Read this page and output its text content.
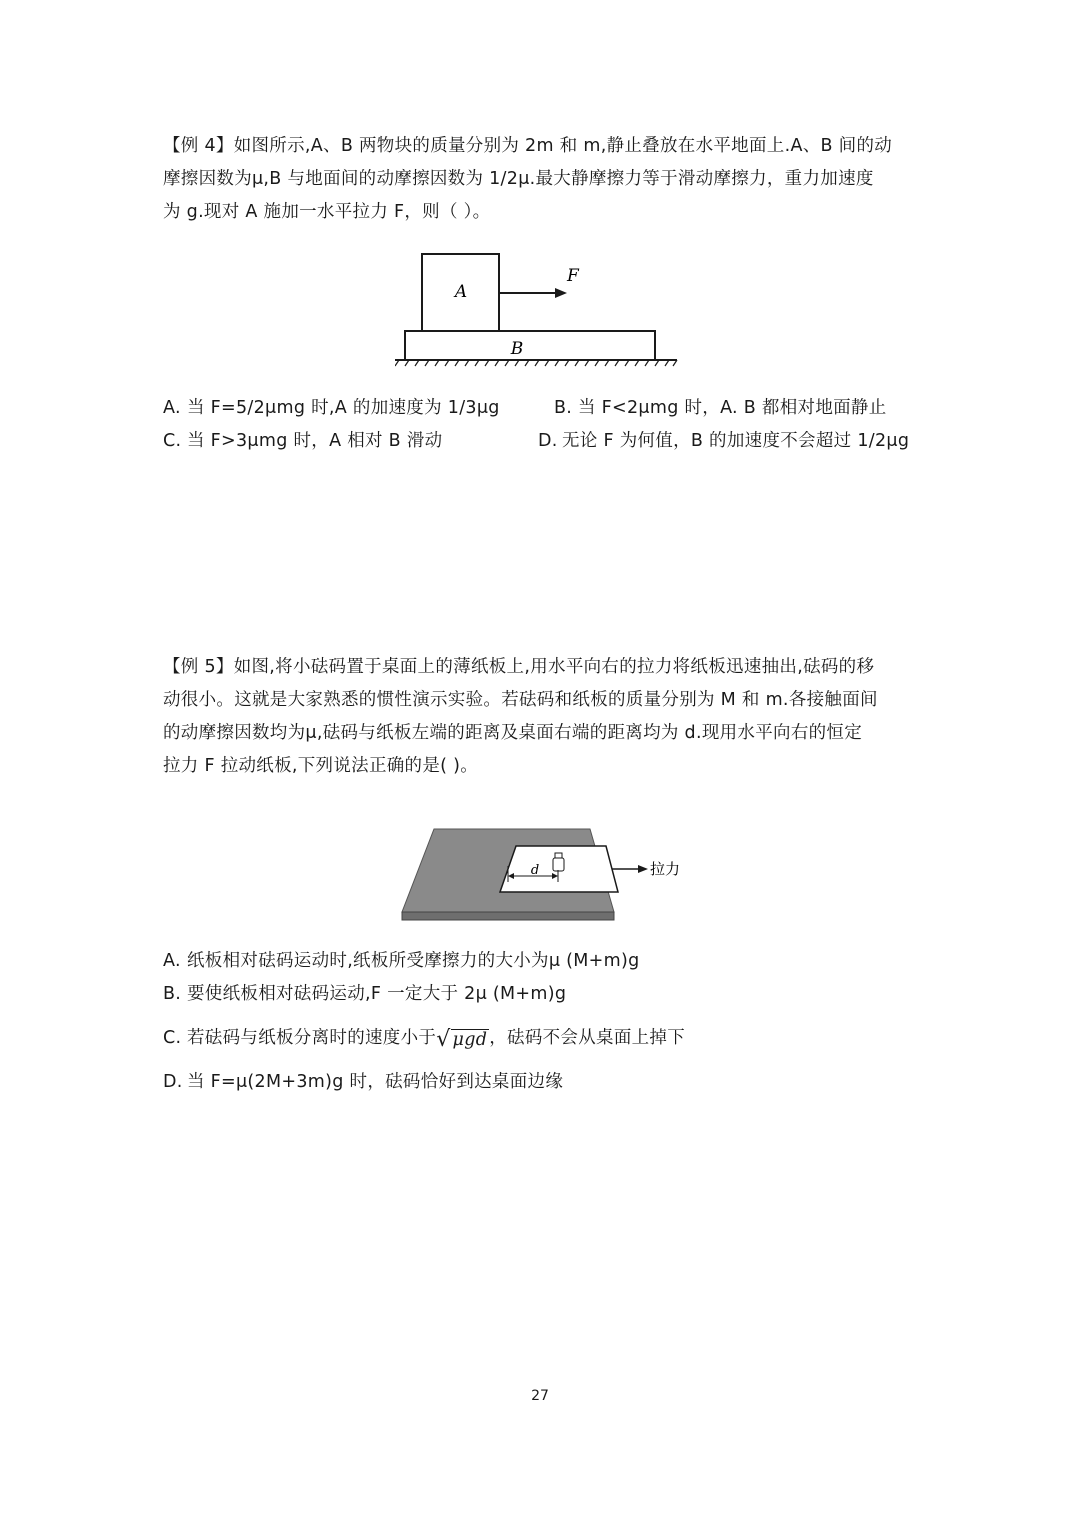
【例 4】如图所示,A、B 两物块的质量分别为 2m 和 m,静止叠放在水平地面上.A、B 间的动
摩擦因数为μ,B 与地面间的动摩擦因数为 1/2μ.最大静摩擦力等于滑动摩擦力，重力加速度
为 g.现对 A 施加一水平拉力 F，则（ ）。

A
F
B
A. 当 F=5/2μmg 时,A 的加速度为 1/3μg	B. 当 F<2μmg 时，A. B 都相对地面静止
C. 当 F>3μmg 时，A 相对 B 滑动	D. 无论 F 为何值，B 的加速度不会超过 1/2μg

【例 5】如图,将小砝码置于桌面上的薄纸板上,用水平向右的拉力将纸板迅速抽出,砝码的移
动很小。这就是大家熟悉的惯性演示实验。若砝码和纸板的质量分别为 M 和 m.各接触面间
的动摩擦因数均为μ,砝码与纸板左端的距离及桌面右端的距离均为 d.现用水平向右的恒定
拉力 F 拉动纸板,下列说法正确的是( )。

d	拉力
A. 纸板相对砝码运动时,纸板所受摩擦力的大小为μ (M+m)g
B. 要使纸板相对砝码运动,F 一定大于 2μ (M+m)g
C. 若砝码与纸板分离时的速度小于 √ μgd ，砝码不会从桌面上掉下
D. 当 F=μ(2M+3m)g 时，砝码恰好到达桌面边缘
27
